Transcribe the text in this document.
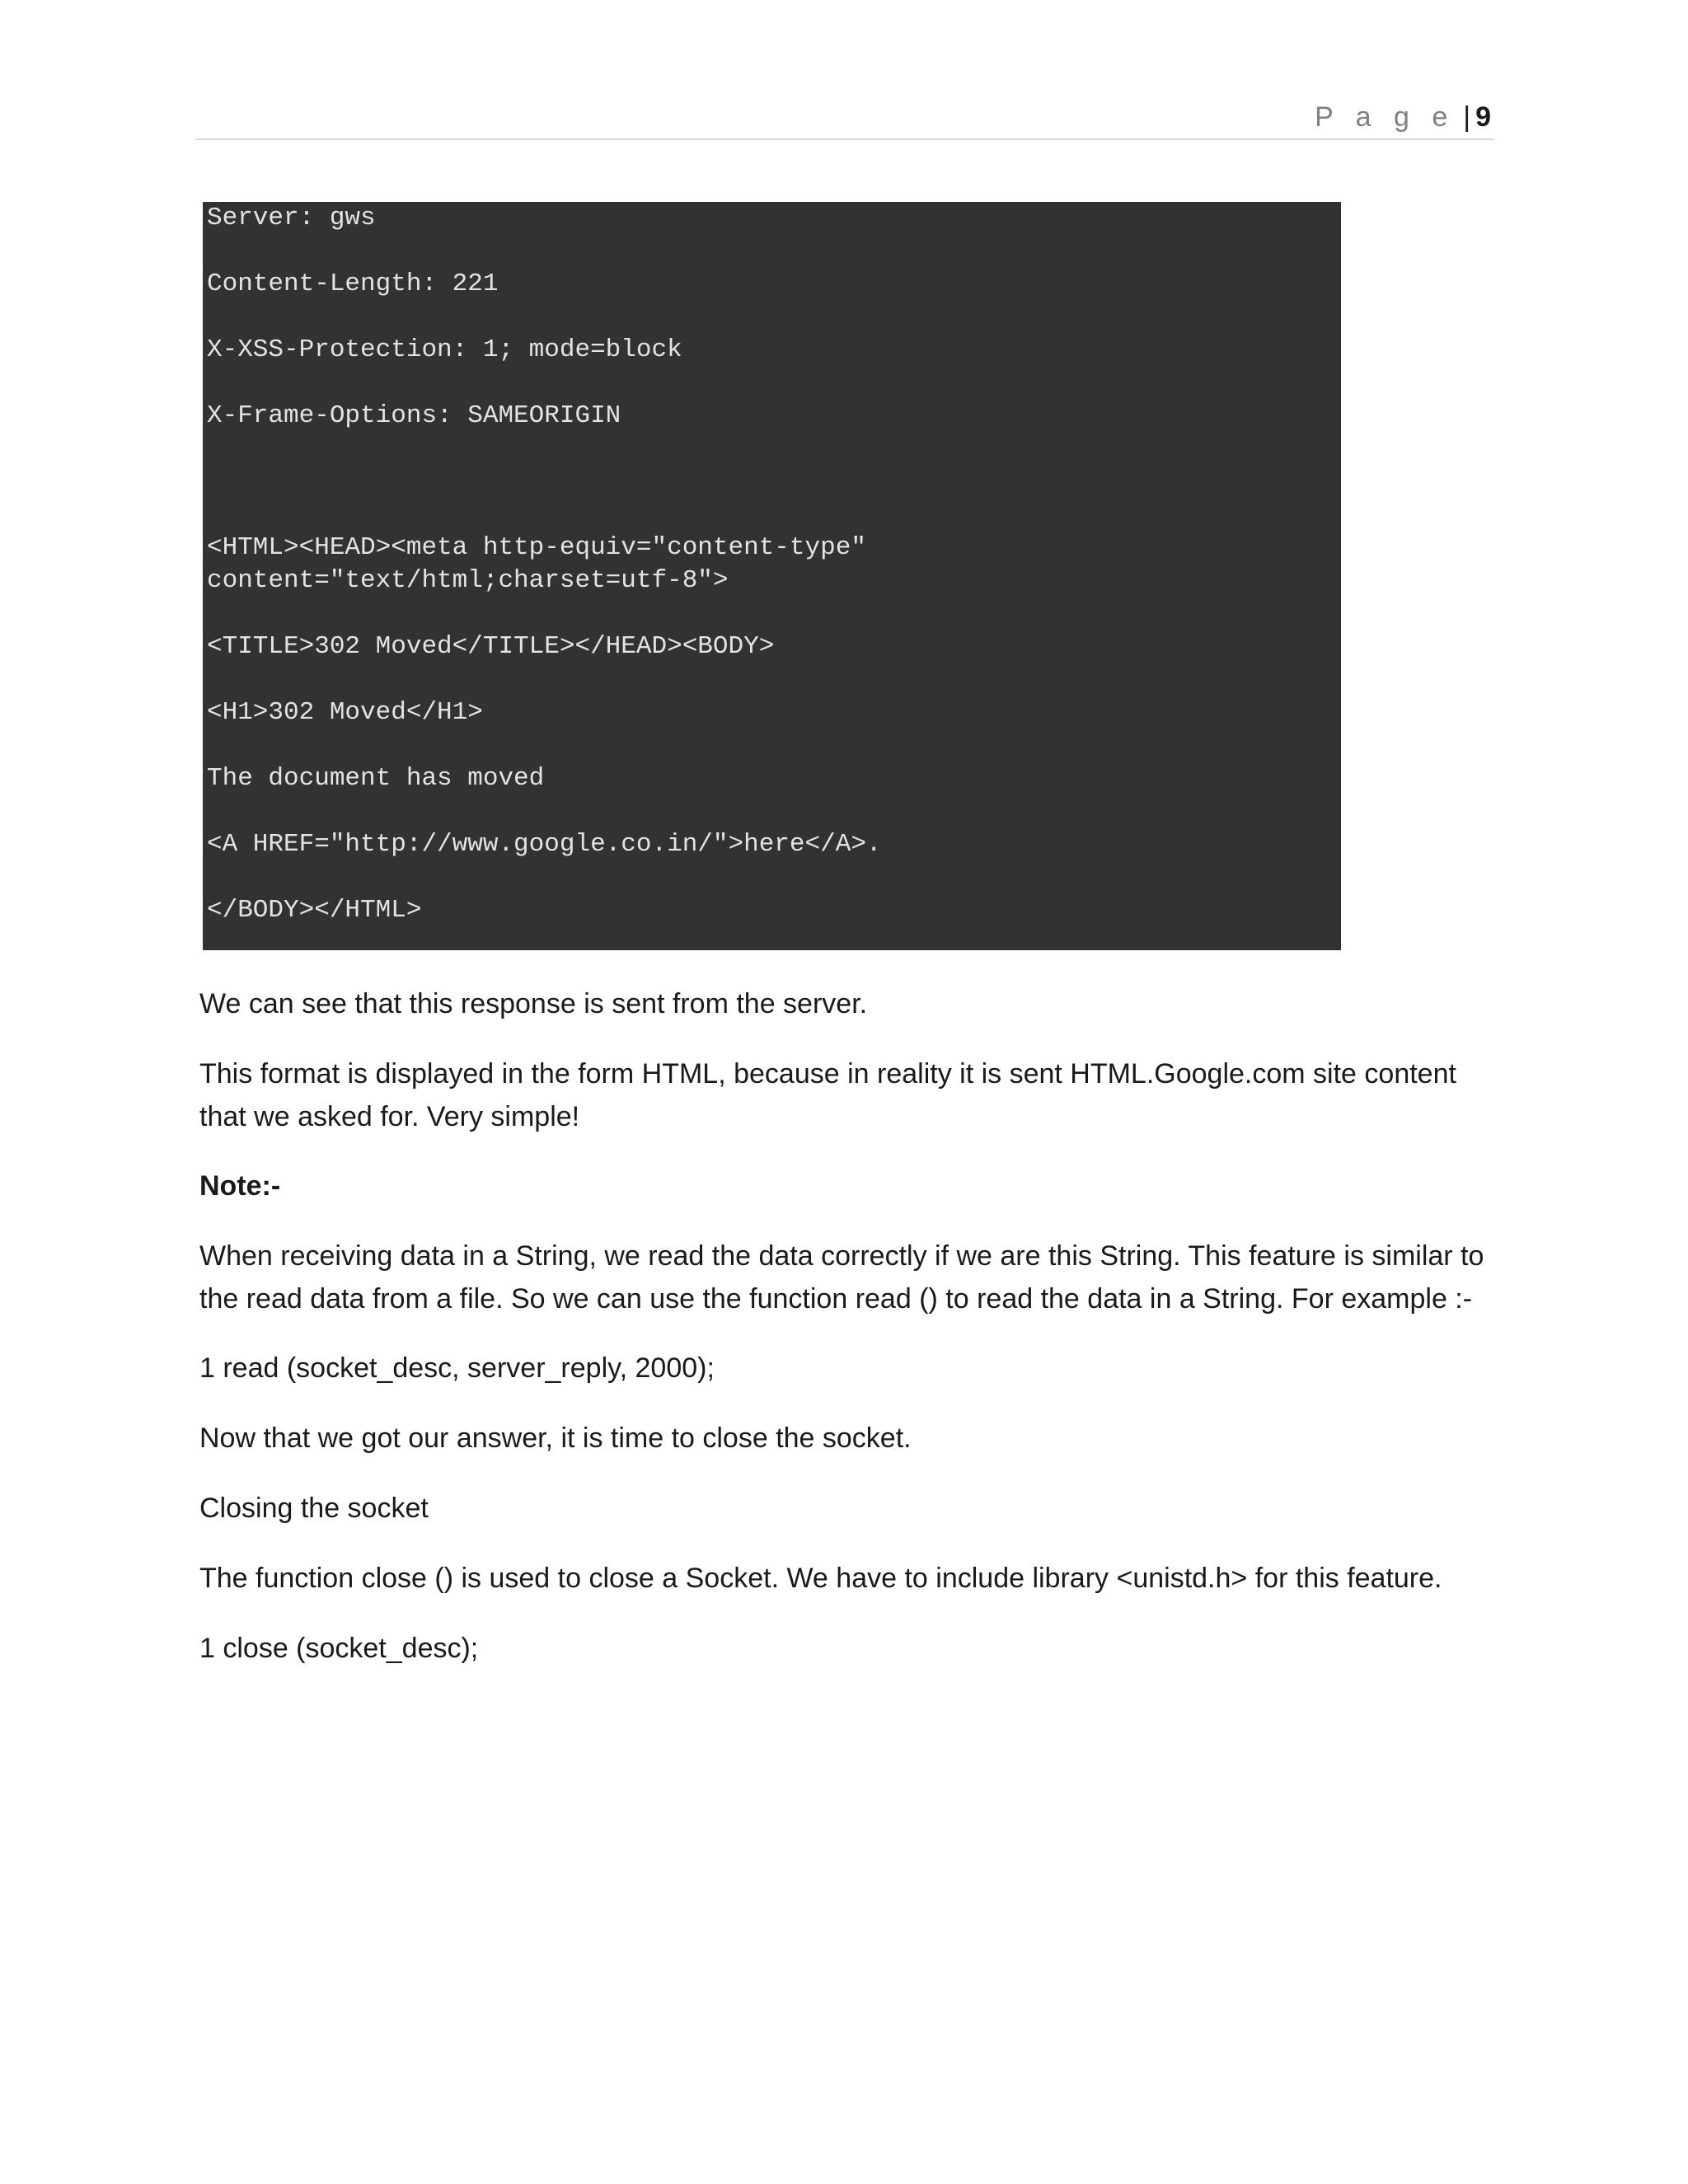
P a g e | 9
Server: gws
Content-Length: 221
X-XSS-Protection: 1; mode=block
X-Frame-Options: SAMEORIGIN
<HTML><HEAD><meta http-equiv="content-type"
content="text/html;charset=utf-8">
<TITLE>302 Moved</TITLE></HEAD><BODY>
<H1>302 Moved</H1>
The document has moved
<A HREF="http://www.google.co.in/">here</A>.
</BODY></HTML>

We can see that this response is sent from the server.

This format is displayed in the form HTML, because in reality it is sent HTML.Google.com site content that we asked for. Very simple!

Note:-

When receiving data in a String, we read the data correctly if we are this String. This feature is similar to the read data from a file. So we can use the function read () to read the data in a String. For example :-

1 read (socket_desc, server_reply, 2000);

Now that we got our answer, it is time to close the socket.

Closing the socket

The function close () is used to close a Socket. We have to include library <unistd.h> for this feature.

1 close (socket_desc);
